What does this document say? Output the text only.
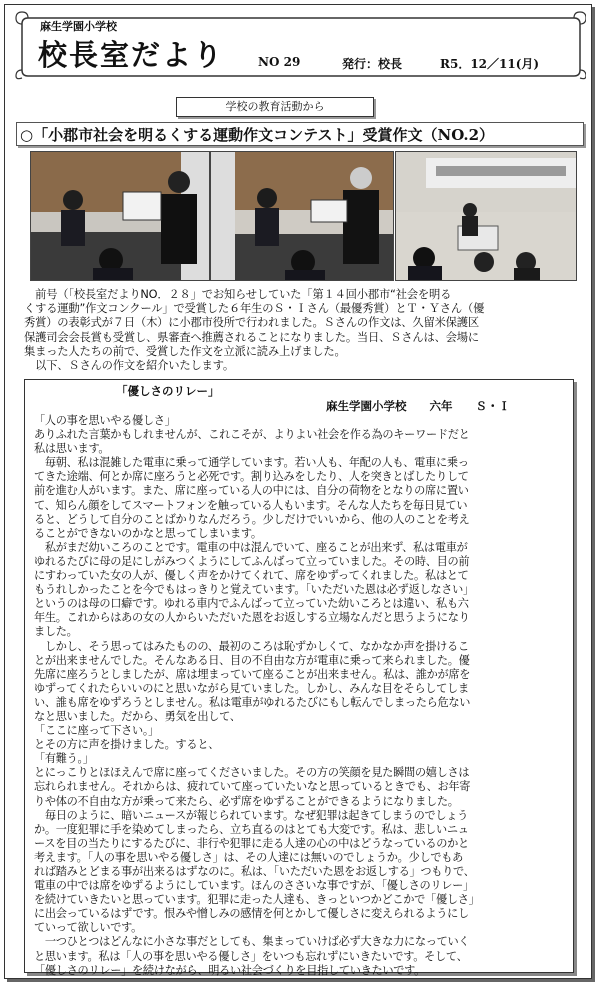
麻生学園小学校
校長室だより	NO 29	発行：校長	R5．12／11(月)
学校の教育活動から
○「小郡市社会を明るくする運動作文コンテスト」受賞作文（NO.2）
　前号（「校長室だよりNO．２８」でお知らせしていた「第１４回小郡市“社会を明る
くする運動”作文コンクール」で受賞した６年生のＳ・Ｉさん（最優秀賞）とＴ・Ｙさん（優
秀賞）の表彰式が７日（木）に小郡市役所で行われました。Ｓさんの作文は、久留米保護区
保護司会会長賞も受賞し、県審査へ推薦されることになりました。当日、Ｓさんは、会場に
集まった人たちの前で、受賞した作文を立派に読み上げました。
　以下、Ｓさんの作文を紹介いたします。
「優しさのリレー」
麻生学園小学校　　六年　　Ｓ・Ｉ

「人の事を思いやる優しさ」

ありふれた言葉かもしれませんが、これこそが、よりよい社会を作る為のキーワードだと

私は思います。

　毎朝、私は混雑した電車に乗って通学しています。若い人も、年配の人も、電車に乗っ

てきた途端、何とか席に座ろうと必死です。割り込みをしたり、人を突きとばしたりして

前を進む人がいます。また、席に座っている人の中には、自分の荷物をとなりの席に置い

て、知らん顔をしてスマートフォンを触っている人もいます。そんな人たちを毎日見てい

ると、どうして自分のことばかりなんだろう。少しだけでいいから、他の人のことを考え

ることができないのかなと思ってしまいます。

　私がまだ幼いころのことです。電車の中は混んでいて、座ることが出来ず、私は電車が

ゆれるたびに母の足にしがみつくようにしてふんばって立っていました。その時、目の前

にすわっていた女の人が、優しく声をかけてくれて、席をゆずってくれました。私はとて

もうれしかったことを今でもはっきりと覚えています。「いただいた恩は必ず返しなさい」

というのは母の口癖です。ゆれる車内でふんばって立っていた幼いころとは違い、私も六

年生。これからはあの女の人からいただいた恩をお返しする立場なんだと思うようになり

ました。

　しかし、そう思ってはみたものの、最初のころは恥ずかしくて、なかなか声を掛けるこ

とが出来ませんでした。そんなある日、目の不自由な方が電車に乗って来られました。優

先席に座ろうとしましたが、席は埋まっていて座ることが出来ません。私は、誰かが席を

ゆずってくれたらいいのにと思いながら見ていました。しかし、みんな目をそらしてしま

い、誰も席をゆずろうとしません。私は電車がゆれるたびにもし転んでしまったら危ない

なと思いました。だから、勇気を出して、

「ここに座って下さい。」

とその方に声を掛けました。すると、

「有難う。」

とにっこりとほほえんで席に座ってくださいました。その方の笑顔を見た瞬間の嬉しさは

忘れられません。それからは、疲れていて座っていたいなと思っているときでも、お年寄

りや体の不自由な方が乗って来たら、必ず席をゆずることができるようになりました。

　毎日のように、暗いニュースが報じられています。なぜ犯罪は起きてしまうのでしょう

か。一度犯罪に手を染めてしまったら、立ち直るのはとても大変です。私は、悲しいニュ

ースを目の当たりにするたびに、非行や犯罪に走る人達の心の中はどうなっているのかと

考えます。「人の事を思いやる優しさ」は、その人達には無いのでしょうか。少しでもあ

れば踏みとどまる事が出来るはずなのに。私は、「いただいた恩をお返しする」つもりで、

電車の中では席をゆずるようにしています。ほんのささいな事ですが、「優しさのリレー」

を続けていきたいと思っています。犯罪に走った人達も、きっといつかどこかで「優しさ」

に出会っているはずです。恨みや憎しみの感情を何とかして優しさに変えられるようにし

ていって欲しいです。

　一つひとつはどんなに小さな事だとしても、集まっていけば必ず大きな力になっていく

と思います。私は「人の事を思いやる優しさ」をいつも忘れずにいきたいです。そして、

「優しさのリレー」を続けながら、明るい社会づくりを目指していきたいです。
